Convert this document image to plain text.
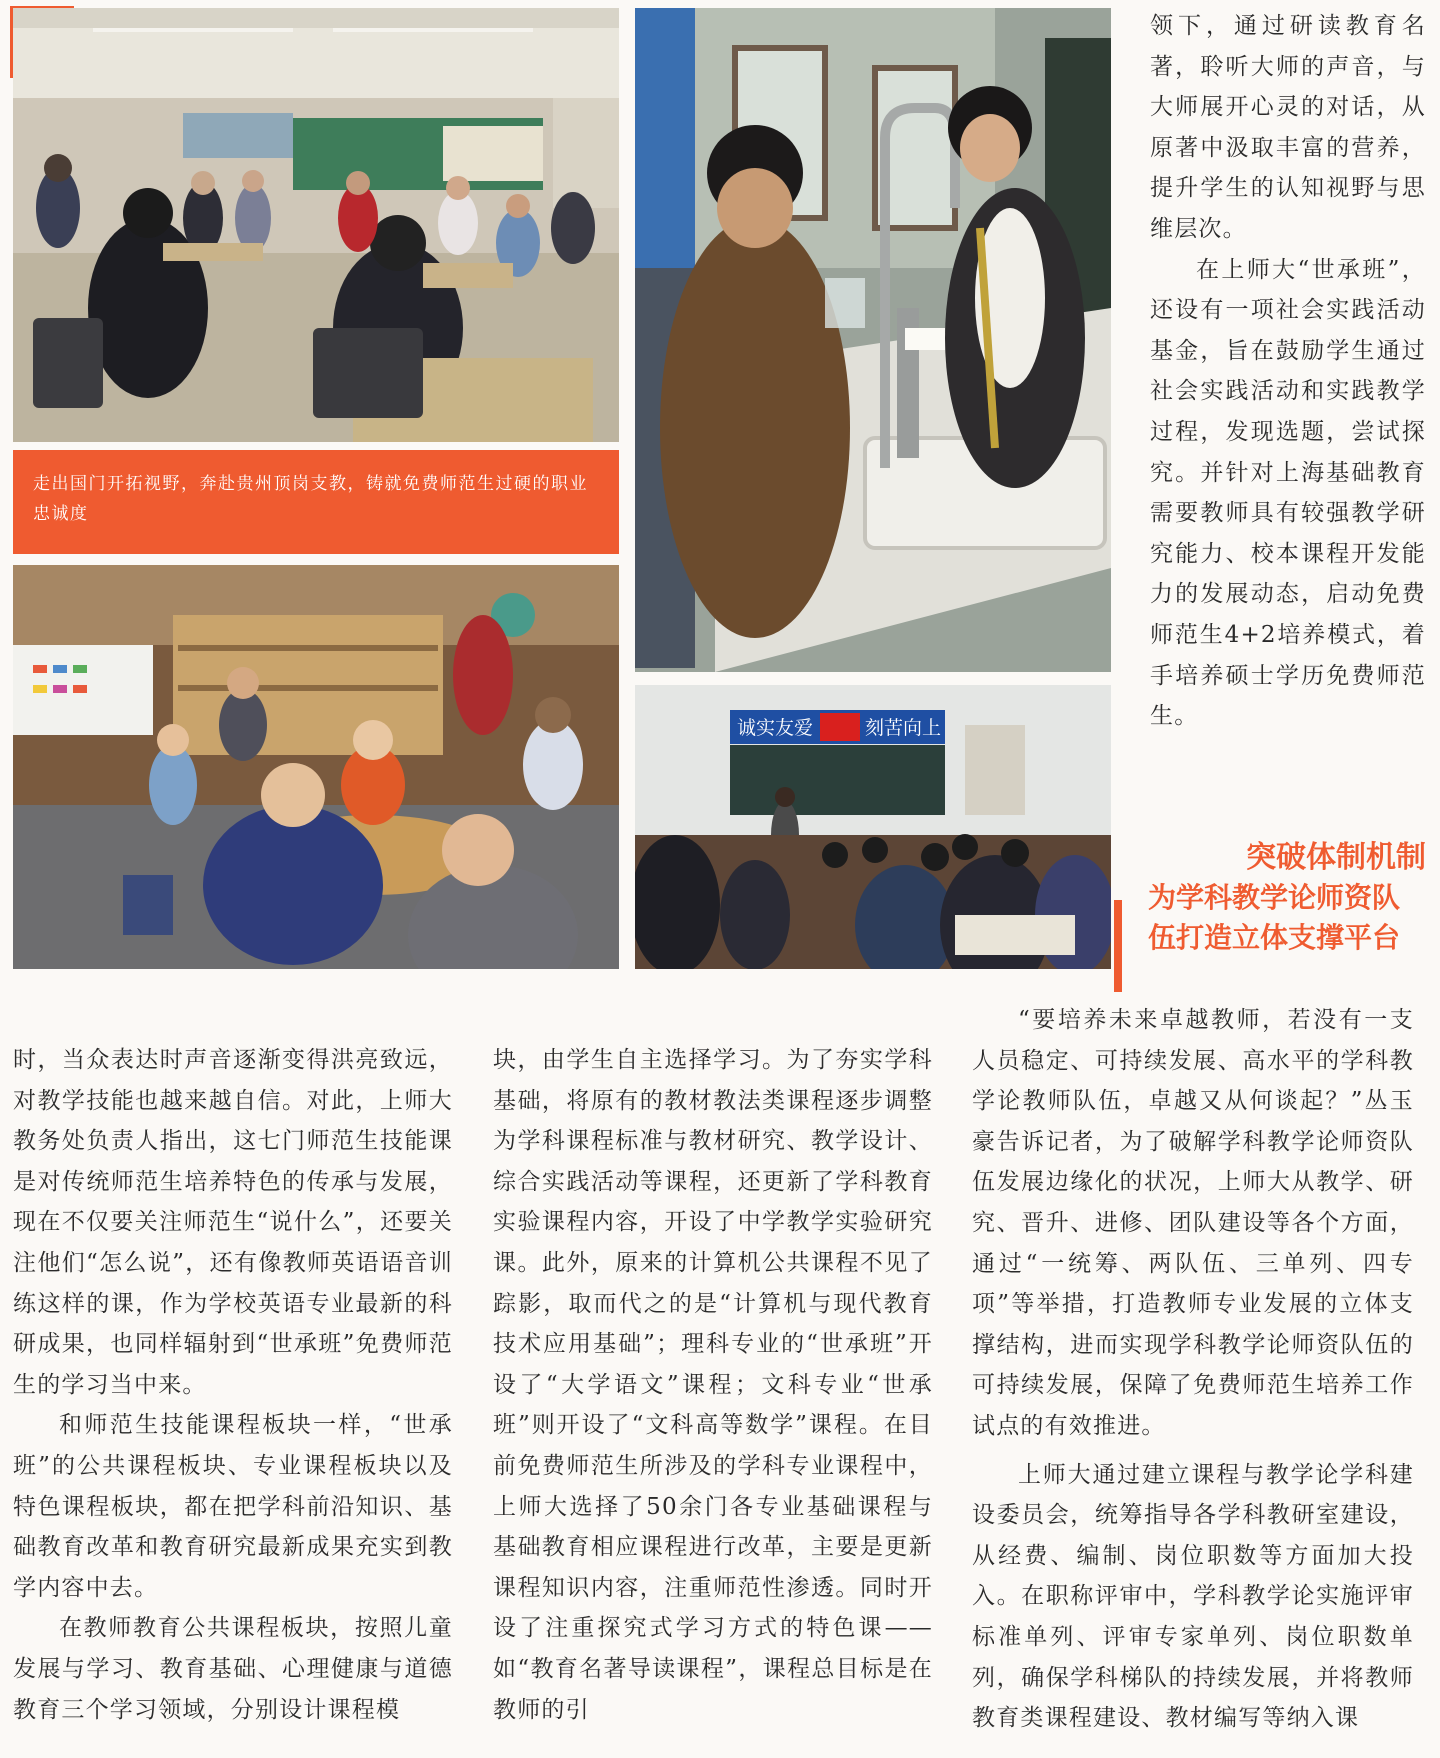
走出国门开拓视野，奔赴贵州顶岗支教，铸就免费师范生过硬的职业忠诚度
诚实友爱	刻苦向上

领下，通过研读教育名著，聆听大师的声音，与大师展开心灵的对话，从原著中汲取丰富的营养，提升学生的认知视野与思维层次。

在上师大“世承班”，还设有一项社会实践活动基金，旨在鼓励学生通过社会实践活动和实践教学过程，发现选题，尝试探究。并针对上海基础教育需要教师具有较强教学研究能力、校本课程开发能力的发展动态，启动免费师范生4+2培养模式，着手培养硕士学历免费师范生。

突破体制机制
为学科教学论师资队伍打造立体支撑平台

时，当众表达时声音逐渐变得洪亮致远，对教学技能也越来越自信。对此，上师大教务处负责人指出，这七门师范生技能课是对传统师范生培养特色的传承与发展，现在不仅要关注师范生“说什么”，还要关注他们“怎么说”，还有像教师英语语音训练这样的课，作为学校英语专业最新的科研成果，也同样辐射到“世承班”免费师范生的学习当中来。

和师范生技能课程板块一样，“世承班”的公共课程板块、专业课程板块以及特色课程板块，都在把学科前沿知识、基础教育改革和教育研究最新成果充实到教学内容中去。

在教师教育公共课程板块，按照儿童发展与学习、教育基础、心理健康与道德教育三个学习领域，分别设计课程模

块，由学生自主选择学习。为了夯实学科基础，将原有的教材教法类课程逐步调整为学科课程标准与教材研究、教学设计、综合实践活动等课程，还更新了学科教育实验课程内容，开设了中学教学实验研究课。此外，原来的计算机公共课程不见了踪影，取而代之的是“计算机与现代教育技术应用基础”；理科专业的“世承班”开设了“大学语文”课程；文科专业“世承班”则开设了“文科高等数学”课程。在目前免费师范生所涉及的学科专业课程中，上师大选择了50余门各专业基础课程与基础教育相应课程进行改革，主要是更新课程知识内容，注重师范性渗透。同时开设了注重探究式学习方式的特色课——如“教育名著导读课程”，课程总目标是在教师的引

“要培养未来卓越教师，若没有一支人员稳定、可持续发展、高水平的学科教学论教师队伍，卓越又从何谈起？”丛玉豪告诉记者，为了破解学科教学论师资队伍发展边缘化的状况，上师大从教学、研究、晋升、进修、团队建设等各个方面，通过“一统筹、两队伍、三单列、四专项”等举措，打造教师专业发展的立体支撑结构，进而实现学科教学论师资队伍的可持续发展，保障了免费师范生培养工作试点的有效推进。

上师大通过建立课程与教学论学科建设委员会，统筹指导各学科教研室建设，从经费、编制、岗位职数等方面加大投入。在职称评审中，学科教学论实施评审标准单列、评审专家单列、岗位职数单列，确保学科梯队的持续发展，并将教师教育类课程建设、教材编写等纳入课
